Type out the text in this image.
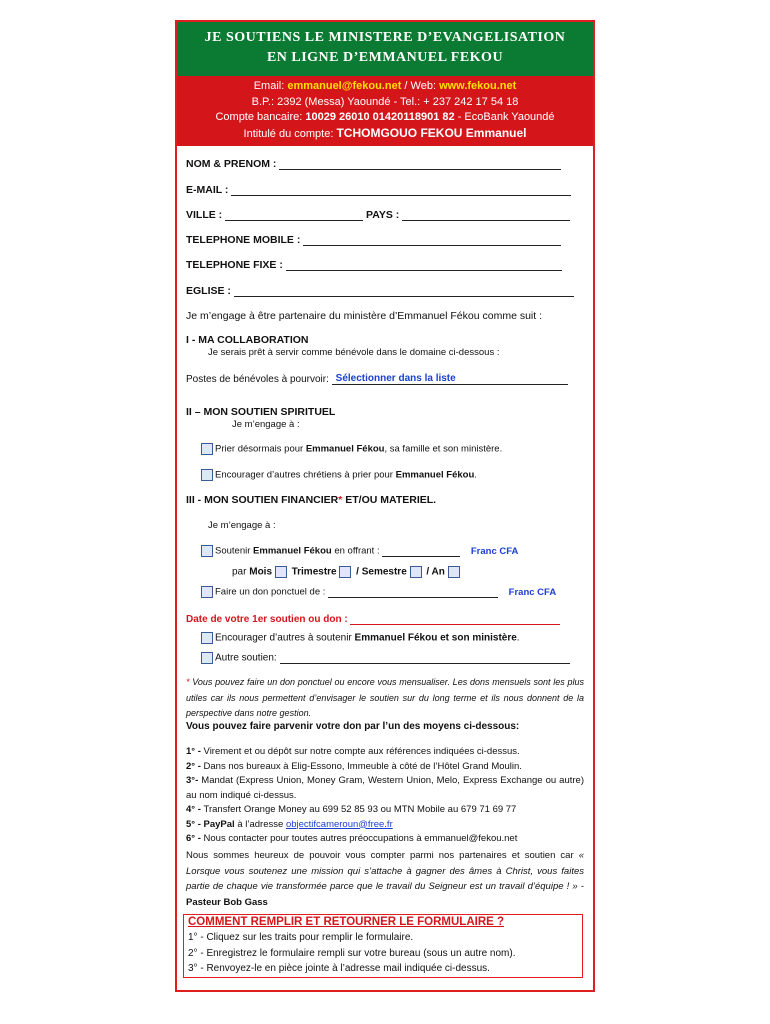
JE SOUTIENS LE MINISTERE D’EVANGELISATION
EN LIGNE D’EMMANUEL FEKOU
Email: emmanuel@fekou.net / Web: www.fekou.net
B.P.: 2392 (Messa) Yaoundé - Tel.: + 237 242 17 54 18
Compte bancaire: 10029 26010 01420118901 82 - EcoBank Yaoundé
Intitulé du compte: TCHOMGOUO FEKOU Emmanuel
NOM & PRENOM :
E-MAIL :
VILLE :	PAYS :
TELEPHONE MOBILE :
TELEPHONE FIXE :
EGLISE :
Je m’engage à être partenaire du ministère d’Emmanuel Fékou comme suit :
I - MA COLLABORATION
Je serais prêt à servir comme bénévole dans le domaine ci-dessous :
Postes de bénévoles à pourvoir: Sélectionner dans la liste
II – MON SOUTIEN SPIRITUEL
Je m’engage à :
Prier désormais pour Emmanuel Fékou, sa famille et son ministère.
Encourager d’autres chrétiens à prier pour Emmanuel Fékou.
III - MON SOUTIEN FINANCIER* ET/OU MATERIEL.
Je m’engage à :
Soutenir Emmanuel Fékou en offrant :	Franc CFA
par Mois Trimestre / Semestre / An
Faire un don ponctuel de :	Franc CFA
Date de votre 1er soutien ou don :
Encourager d’autres à soutenir Emmanuel Fékou et son ministère.
Autre soutien:
* Vous pouvez faire un don ponctuel ou encore vous mensualiser. Les dons mensuels sont les plus utiles car ils nous permettent d’envisager le soutien sur du long terme et ils nous donnent de la perspective dans notre gestion.
Vous pouvez faire parvenir votre don par l’un des moyens ci-dessous:
1° - Virement et ou dépôt sur notre compte aux références indiquées ci-dessus.
2° - Dans nos bureaux à Elig-Essono, Immeuble à côté de l’Hôtel Grand Moulin.
3°- Mandat (Express Union, Money Gram, Western Union, Melo, Express Exchange ou autre) au nom indiqué ci-dessus.
4° - Transfert Orange Money au 699 52 85 93 ou MTN Mobile au 679 71 69 77
5° - PayPal à l’adresse objectifcameroun@free.fr
6° - Nous contacter pour toutes autres préoccupations à emmanuel@fekou.net
Nous sommes heureux de pouvoir vous compter parmi nos partenaires et soutien car « Lorsque vous soutenez une mission qui s’attache à gagner des âmes à Christ, vous faites partie de chaque vie transformée parce que le travail du Seigneur est un travail d’équipe ! » - Pasteur Bob Gass
COMMENT REMPLIR ET RETOURNER LE FORMULAIRE ?
1° - Cliquez sur les traits pour remplir le formulaire.
2° - Enregistrez le formulaire rempli sur votre bureau (sous un autre nom).
3° - Renvoyez-le en pièce jointe à l’adresse mail indiquée ci-dessus.
